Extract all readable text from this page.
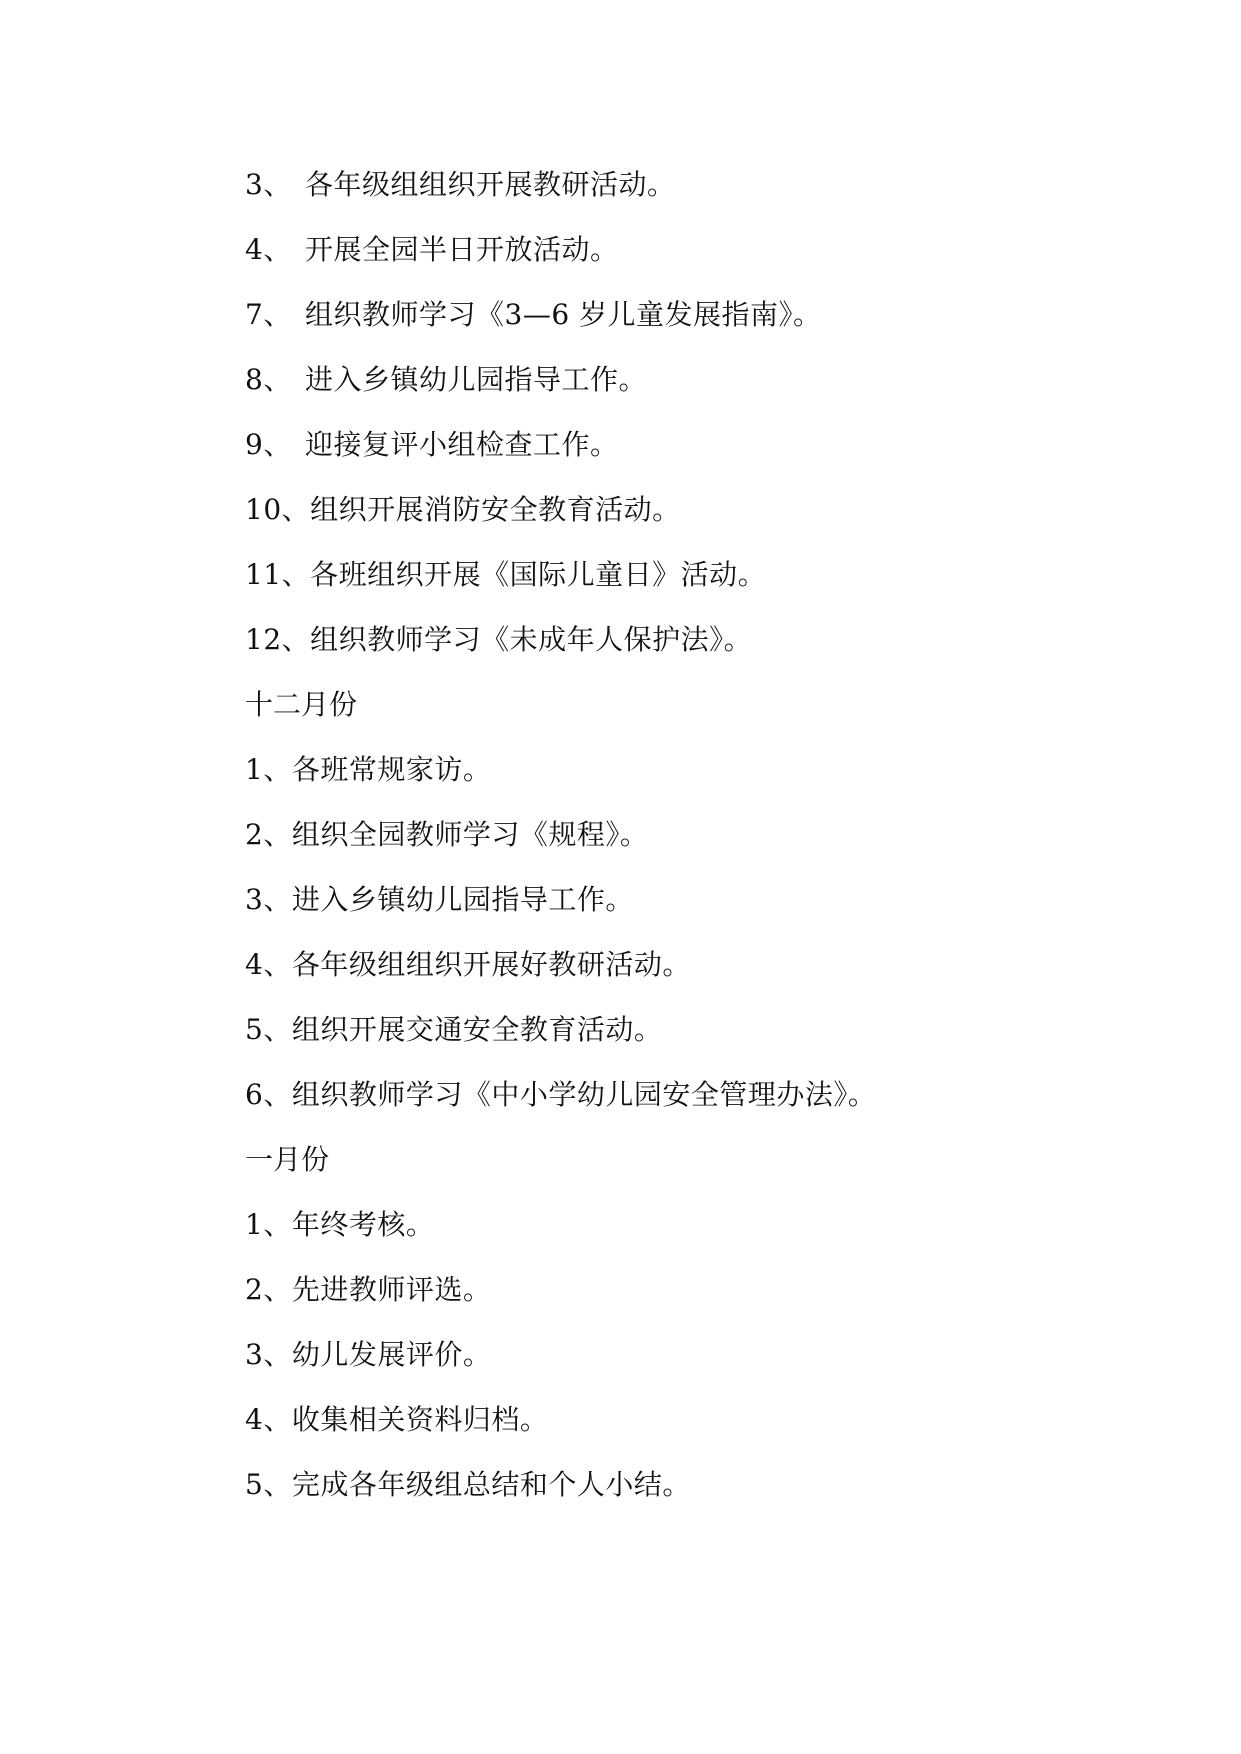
3、 各年级组组织开展教研活动。
4、 开展全园半日开放活动。
7、 组织教师学习《3—6 岁儿童发展指南》。
8、 进入乡镇幼儿园指导工作。
9、 迎接复评小组检查工作。
10、组织开展消防安全教育活动。
11、各班组织开展《国际儿童日》活动。
12、组织教师学习《未成年人保护法》。
十二月份
1、各班常规家访。
2、组织全园教师学习《规程》。
3、进入乡镇幼儿园指导工作。
4、各年级组组织开展好教研活动。
5、组织开展交通安全教育活动。
6、组织教师学习《中小学幼儿园安全管理办法》。
一月份
1、年终考核。
2、先进教师评选。
3、幼儿发展评价。
4、收集相关资料归档。
5、完成各年级组总结和个人小结。
